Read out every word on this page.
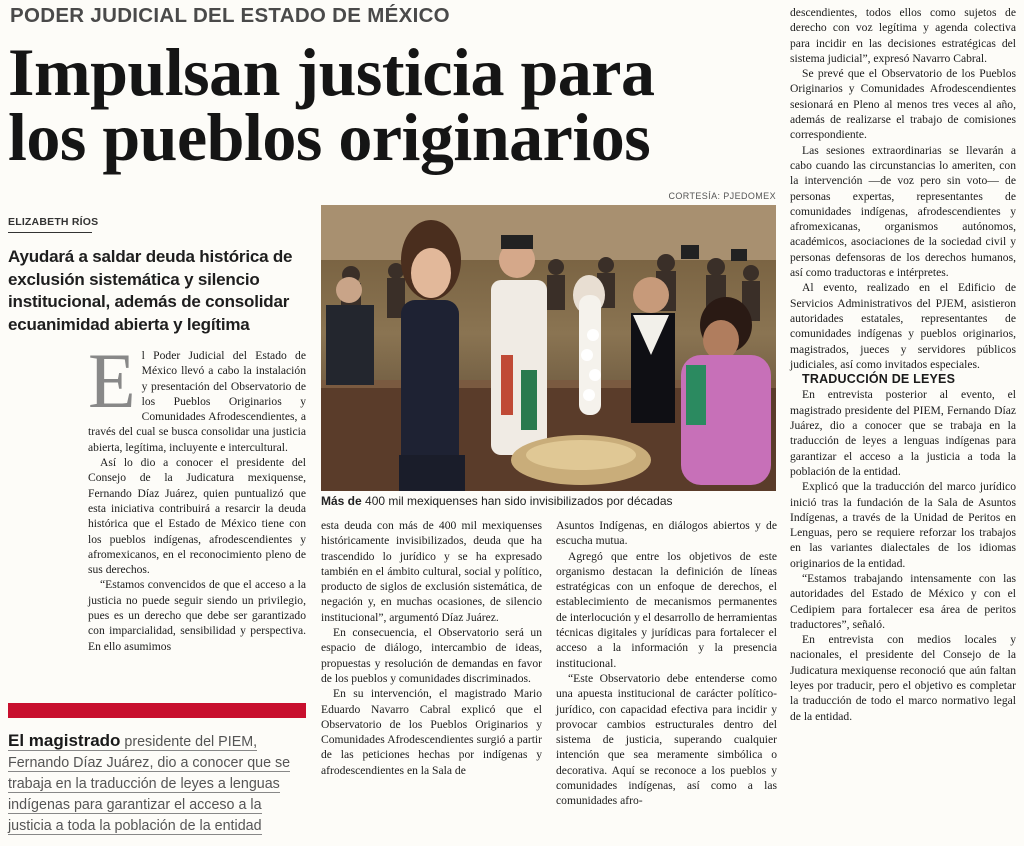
PODER JUDICIAL DEL ESTADO DE MÉXICO
Impulsan justicia para
los pueblos originarios
CORTESÍA: PJEDOMEX
ELIZABETH RÍOS
Ayudará a saldar deuda histórica de exclusión sistemática y silencio institucional, además de consolidar ecuanimidad abierta y legítima
E l Poder Judicial del Estado de México llevó a cabo la instalación y presentación del Observatorio de los Pueblos Originarios y Comunidades Afrodescendientes, a través del cual se busca consolidar una justicia abierta, legítima, incluyente e intercultural.

Así lo dio a conocer el presidente del Consejo de la Judicatura mexiquense, Fernando Díaz Juárez, quien puntualizó que esta iniciativa contribuirá a resarcir la deuda histórica que el Estado de México tiene con los pueblos indígenas, afrodescendientes y afromexicanos, en el reconocimiento pleno de sus derechos.

“Estamos convencidos de que el acceso a la justicia no puede seguir siendo un privilegio, pues es un derecho que debe ser garantizado con imparcialidad, sensibilidad y perspectiva. En ello asumimos

Más de 400 mil mexiquenses han sido invisibilizados por décadas

esta deuda con más de 400 mil mexiquenses históricamente invisibilizados, deuda que ha trascendido lo jurídico y se ha expresado también en el ámbito cultural, social y político, producto de siglos de exclusión sistemática, de negación y, en muchas ocasiones, de silencio institucional”, argumentó Díaz Juárez.

En consecuencia, el Observatorio será un espacio de diálogo, intercambio de ideas, propuestas y resolución de demandas en favor de los pueblos y comunidades discriminados.

En su intervención, el magistrado Mario Eduardo Navarro Cabral explicó que el Observatorio de los Pueblos Originarios y Comunidades Afrodescendientes surgió a partir de las peticiones hechas por indígenas y afrodescendientes en la Sala de

Asuntos Indígenas, en diálogos abiertos y de escucha mutua.

Agregó que entre los objetivos de este organismo destacan la definición de líneas estratégicas con un enfoque de derechos, el establecimiento de mecanismos permanentes de interlocución y el desarrollo de herramientas técnicas digitales y jurídicas para fortalecer el acceso a la información y la presencia institucional.

“Este Observatorio debe entenderse como una apuesta institucional de carácter político-jurídico, con capacidad efectiva para incidir y provocar cambios estructurales dentro del sistema de justicia, superando cualquier intención que sea meramente simbólica o decorativa. Aquí se reconoce a los pueblos y comunidades indígenas, así como a las comunidades afro-

descendientes, todos ellos como sujetos de derecho con voz legítima y agenda colectiva para incidir en las decisiones estratégicas del sistema judicial”, expresó Navarro Cabral.

Se prevé que el Observatorio de los Pueblos Originarios y Comunidades Afrodescendientes sesionará en Pleno al menos tres veces al año, además de realizarse el trabajo de comisiones correspondiente.

Las sesiones extraordinarias se llevarán a cabo cuando las circunstancias lo ameriten, con la intervención —de voz pero sin voto— de personas expertas, representantes de comunidades indígenas, afrodescendientes y afromexicanas, organismos autónomos, académicos, asociaciones de la sociedad civil y personas defensoras de los derechos humanos, así como traductoras e intérpretes.

Al evento, realizado en el Edificio de Servicios Administrativos del PJEM, asistieron autoridades estatales, representantes de comunidades indígenas y pueblos originarios, magistrados, jueces y servidores públicos judiciales, así como invitados especiales.

TRADUCCIÓN DE LEYES

En entrevista posterior al evento, el magistrado presidente del PIEM, Fernando Díaz Juárez, dio a conocer que se trabaja en la traducción de leyes a lenguas indígenas para garantizar el acceso a la justicia a toda la población de la entidad.

Explicó que la traducción del marco jurídico inició tras la fundación de la Sala de Asuntos Indígenas, a través de la Unidad de Peritos en Lenguas, pero se requiere reforzar los trabajos en las variantes dialectales de los idiomas originarios de la entidad.

“Estamos trabajando intensamente con las autoridades del Estado de México y con el Cedipiem para fortalecer esa área de peritos traductores”, señaló.

En entrevista con medios locales y nacionales, el presidente del Consejo de la Judicatura mexiquense reconoció que aún faltan leyes por traducir, pero el objetivo es completar la traducción de todo el marco normativo legal de la entidad.

El magistrado presidente del PIEM, Fernando Díaz Juárez, dio a conocer que se trabaja en la traducción de leyes a lenguas indígenas para garantizar el acceso a la justicia a toda la población de la entidad
